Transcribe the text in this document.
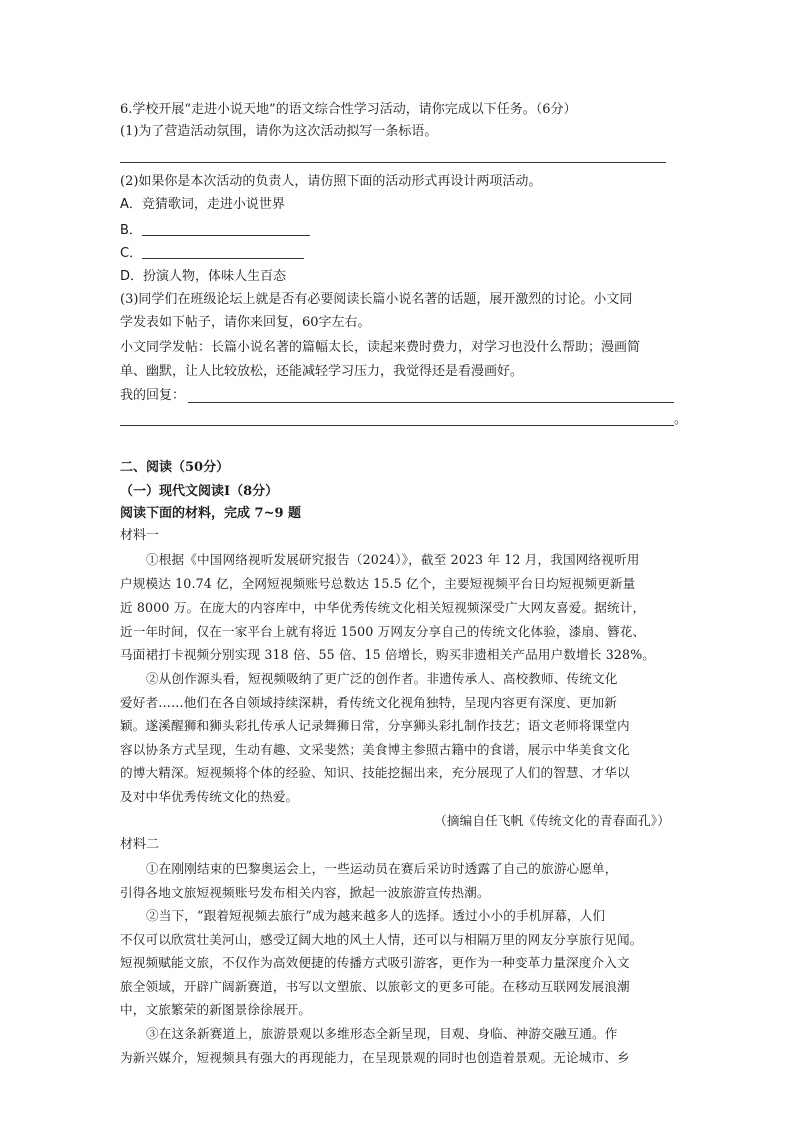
6.学校开展“走进小说天地”的语文综合性学习活动，请你完成以下任务。（6分）
(1)为了营造活动氛围，请你为这次活动拟写一条标语。
(2)如果你是本次活动的负责人，请仿照下面的活动形式再设计两项活动。
A．竞猜歌词，走进小说世界
B．
C．
D．扮演人物，体味人生百态
(3)同学们在班级论坛上就是否有必要阅读长篇小说名著的话题，展开激烈的讨论。小文同
学发表如下帖子，请你来回复，60字左右。
小文同学发帖：长篇小说名著的篇幅太长，读起来费时费力，对学习也没什么帮助；漫画简
单、幽默，让人比较放松，还能减轻学习压力，我觉得还是看漫画好。
我的回复：
。
二、阅读（50分）
（一）现代文阅读Ⅰ（8分）
阅读下面的材料，完成 7~9 题
材料一
①根据《中国网络视听发展研究报告（2024）》，截至 2023 年 12 月，我国网络视听用
户规模达 10.74 亿，全网短视频账号总数达 15.5 亿个，主要短视频平台日均短视频更新量
近 8000 万。在庞大的内容库中，中华优秀传统文化相关短视频深受广大网友喜爱。据统计，
近一年时间，仅在一家平台上就有将近 1500 万网友分享自己的传统文化体验，漆扇、簪花、
马面裙打卡视频分别实现 318 倍、55 倍、15 倍增长，购买非遗相关产品用户数增长 328%。
②从创作源头看，短视频吸纳了更广泛的创作者。非遗传承人、高校教师、传统文化
爱好者……他们在各自领域持续深耕，肴传统文化视角独特，呈现内容更有深度、更加新
颖。遂溪醒狮和狮头彩扎传承人记录舞狮日常，分享狮头彩扎制作技艺；语文老师将课堂内
容以协条方式呈现，生动有趣、文采斐然；美食博主参照古籍中的食谱，展示中华美食文化
的博大精深。短视频将个体的经验、知识、技能挖掘出来，充分展现了人们的智慧、才华以
及对中华优秀传统文化的热爱。
（摘编自任飞帆《传统文化的青春面孔》）
材料二
①在刚刚结束的巴黎奥运会上，一些运动员在赛后采访时透露了自己的旅游心愿单，
引得各地文旅短视频账号发布相关内容，掀起一波旅游宣传热潮。
②当下，“跟着短视频去旅行”成为越来越多人的选择。透过小小的手机屏幕，人们
不仅可以欣赏壮美河山，感受辽阔大地的风土人情，还可以与相隔万里的网友分享旅行见闻。
短视频赋能文旅，不仅作为高效便捷的传播方式吸引游客，更作为一种变革力量深度介入文
旅全领域，开辟广阔新赛道，书写以文塑旅、以旅彰文的更多可能。在移动互联网发展浪潮
中，文旅繁荣的新图景徐徐展开。
③在这条新赛道上，旅游景观以多维形态全新呈现，目观、身临、神游交融互通。作
为新兴媒介，短视频具有强大的再现能力，在呈现景观的同时也创造着景观。无论城市、乡
